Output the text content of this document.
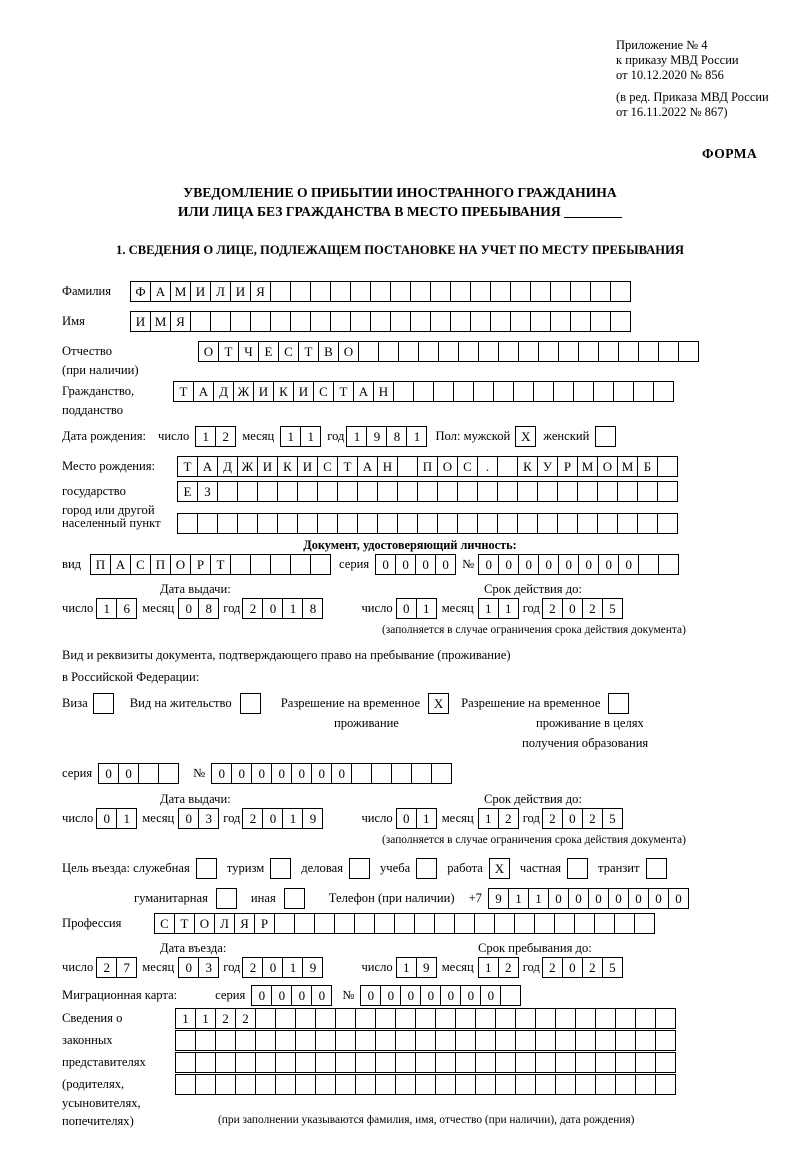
Приложение № 4
к приказу МВД России
от 10.12.2020 № 856
(в ред. Приказа МВД России
от 16.11.2022 № 867)
ФОРМА
УВЕДОМЛЕНИЕ О ПРИБЫТИИ ИНОСТРАННОГО ГРАЖДАНИНА
ИЛИ ЛИЦА БЕЗ ГРАЖДАНСТВА В МЕСТО ПРЕБЫВАНИЯ
1. СВЕДЕНИЯ О ЛИЦЕ, ПОДЛЕЖАЩЕМ ПОСТАНОВКЕ НА УЧЕТ ПО МЕСТУ ПРЕБЫВАНИЯ
Фамилия	Ф А М И Л И Я
Имя	И М Я
Отчество	О Т Ч Е С Т В О
(при наличии)
Гражданство,	Т А Д Ж И К И С Т А Н
подданство
Дата рождения: число	1	2	месяц	1	1	год 1	9	8	1	Пол: мужской X	женский
Место рождения:	Т А Д Ж И К И С Т А Н	П О С	.	К У Р М О М Б
государство	Е З
город или другой
населенный пункт
Документ, удостоверяющий личность:
вид	П А С П О Р Т	серия	0	0	0	0	№ 0	0	0	0	0	0	0	0
Дата выдачи:	Срок действия до:
число 1	6 месяц 0	8 год 2	0	1	8	число 0	1 месяц 1	1 год 2	0	2	5
(заполняется в случае ограничения срока действия документа)
Вид и реквизиты документа, подтверждающего право на пребывание (проживание)
в Российской Федерации:
Виза	Вид на жительство	Разрешение на временное	X	Разрешение на временное
проживание	проживание в целях
получения образования
серия	0	0	№	0	0	0	0	0	0	0
Дата выдачи:	Срок действия до:
число 0	1 месяц 0	3 год 2	0	1	9	число 0	1 месяц 1	2 год 2	0	2	5
(заполняется в случае ограничения срока действия документа)
Цель въезда: служебная	туризм	деловая	учеба	работа X	частная	транзит
гуманитарная	иная	Телефон (при наличии) +7	9	1	1	0	0	0	0	0	0	0
Профессия	С Т О Л Я Р
Дата въезда:	Срок пребывания до:
число 2	7 месяц 0	3 год 2	0	1	9	число 1	9 месяц 1	2 год 2	0	2	5
Миграционная карта:	серия	0	0	0	0	№	0	0	0	0	0	0	0
Сведения о	1	1	2	2
законных
представителях
(родителях,
усыновителях,
попечителях)	(при заполнении указываются фамилия, имя, отчество (при наличии), дата рождения)
